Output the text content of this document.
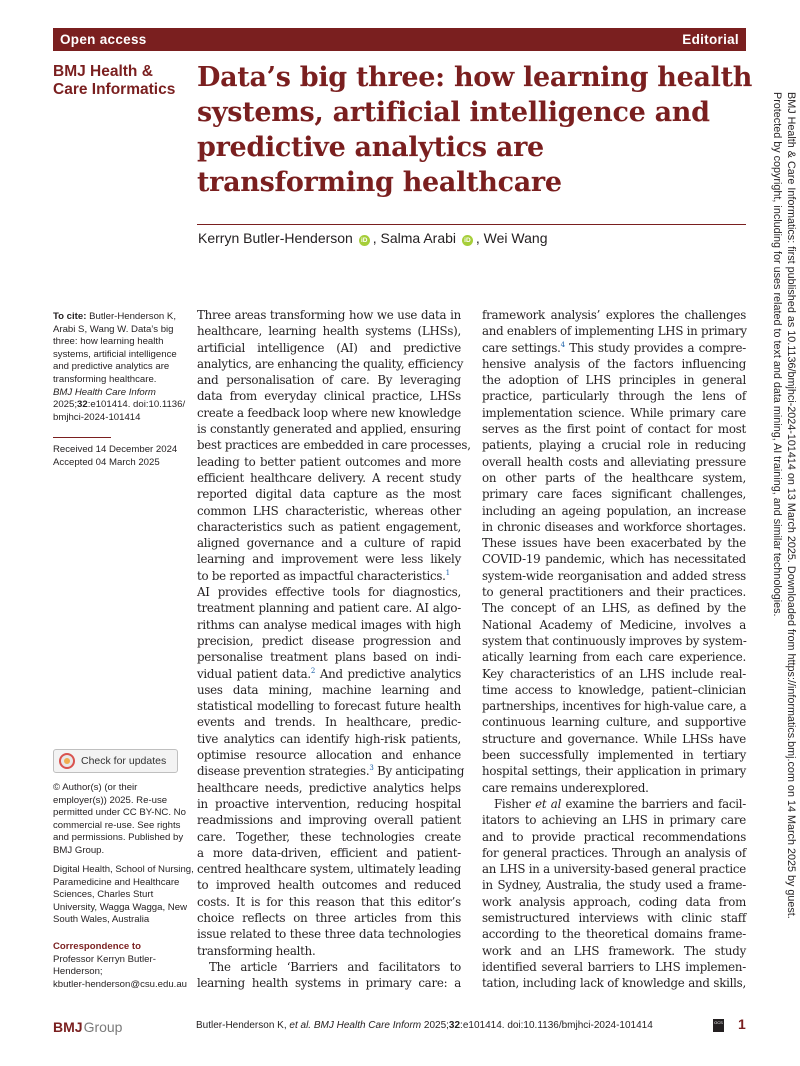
Open access	Editorial
BMJ Health &
Care Informatics Data’s big three: how learning health
systems, artificial intelligence and
predictive analytics are
transforming healthcare
Kerryn Butler-Henderson iD , Salma Arabi iD , Wei Wang	BMJ Health & Care Informatics: first published as 10.1136/bmjhci-2024-101414 on 13 March 2025. Downloaded from https://informatics.bmj.com on 14 March 2025 by guest.
Protected by copyright, including for uses related to text and data mining, AI training, and similar technologies.
To cite: Butler-Henderson K,
Arabi S, Wang W. Data’s big
three: how learning health
systems, artificial intelligence
and predictive analytics are
transforming healthcare.
BMJ Health Care Inform
2025;32:e101414. doi:10.1136/
bmjhci-2024-101414
Received 14 December 2024
Accepted 04 March 2025
Check for updates
© Author(s) (or their
employer(s)) 2025. Re-use
permitted under CC BY-NC. No
commercial re-use. See rights
and permissions. Published by
BMJ Group.
Digital Health, School of Nursing,
Paramedicine and Healthcare
Sciences, Charles Sturt
University, Wagga Wagga, New
South Wales, Australia
Correspondence to
Professor Kerryn Butler-
Henderson;
kbutler-henderson@csu.edu.au
Three areas transforming how we use data in
healthcare, learning health systems (LHSs),
artificial intelligence (AI) and predictive
analytics, are enhancing the quality, efficiency
and personalisation of care. By leveraging
data from everyday clinical practice, LHSs
create a feedback loop where new knowledge
is constantly generated and applied, ensuring
best practices are embedded in care processes,
leading to better patient outcomes and more
efficient healthcare delivery. A recent study
reported digital data capture as the most
common LHS characteristic, whereas other
characteristics such as patient engagement,
aligned governance and a culture of rapid
learning and improvement were less likely
to be reported as impactful characteristics.$^1$
AI provides effective tools for diagnostics,
treatment planning and patient care. AI algo-
rithms can analyse medical images with high
precision, predict disease progression and
personalise treatment plans based on indi-
vidual patient data.$^2$ And predictive analytics
uses data mining, machine learning and
statistical modelling to forecast future health
events and trends. In healthcare, predic-
tive analytics can identify high-risk patients,
optimise resource allocation and enhance
disease prevention strategies.$^3$ By anticipating
healthcare needs, predictive analytics helps
in proactive intervention, reducing hospital
readmissions and improving overall patient
care. Together, these technologies create
a more data-driven, efficient and patient-
centred healthcare system, ultimately leading
to improved health outcomes and reduced
costs. It is for this reason that this editor’s
choice reflects on three articles from this
issue related to these three data technologies
transforming health.
The article ‘Barriers and facilitators to
learning health systems in primary care: a
framework analysis’ explores the challenges
and enablers of implementing LHS in primary
care settings.$^4$ This study provides a compre-
hensive analysis of the factors influencing
the adoption of LHS principles in general
practice, particularly through the lens of
implementation science. While primary care
serves as the first point of contact for most
patients, playing a crucial role in reducing
overall health costs and alleviating pressure
on other parts of the healthcare system,
primary care faces significant challenges,
including an ageing population, an increase
in chronic diseases and workforce shortages.
These issues have been exacerbated by the
COVID-19 pandemic, which has necessitated
system-wide reorganisation and added stress
to general practitioners and their practices.
The concept of an LHS, as defined by the
National Academy of Medicine, involves a
system that continuously improves by system-
atically learning from each care experience.
Key characteristics of an LHS include real-
time access to knowledge, patient–clinician
partnerships, incentives for high-value care, a
continuous learning culture, and supportive
structure and governance. While LHSs have
been successfully implemented in tertiary
hospital settings, their application in primary
care remains underexplored.
Fisher et al examine the barriers and facil-
itators to achieving an LHS in primary care
and to provide practical recommendations
for general practices. Through an analysis of
an LHS in a university-based general practice
in Sydney, Australia, the study used a frame-
work analysis approach, coding data from
semistructured interviews with clinic staff
according to the theoretical domains frame-
work and an LHS framework. The study
identified several barriers to LHS implemen-
tation, including lack of knowledge and skills,
BMJ Group	Butler-Henderson K, et al. BMJ Health Care Inform 2025;32:e101414. doi:10.1136/bmjhci-2024-101414	OCS 1
